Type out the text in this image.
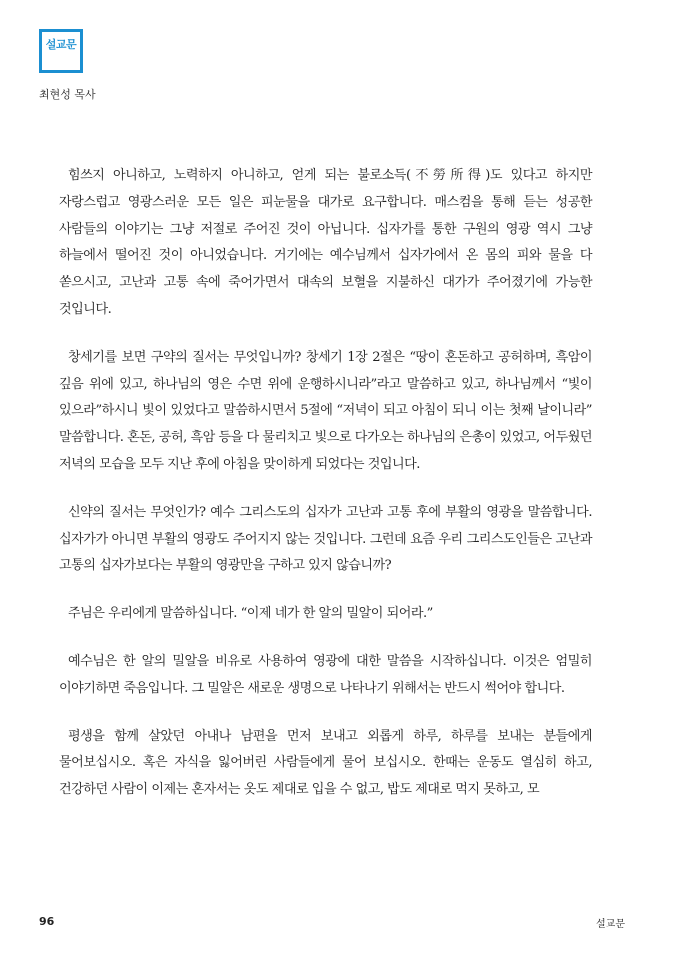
설교문
최현성 목사

힘쓰지 아니하고, 노력하지 아니하고, 얻게 되는 불로소득(不勞所得)도 있다고 하지만 자랑스럽고 영광스러운 모든 일은 피눈물을 대가로 요구합니다. 매스컴을 통해 듣는 성공한 사람들의 이야기는 그냥 저절로 주어진 것이 아닙니다. 십자가를 통한 구원의 영광 역시 그냥 하늘에서 떨어진 것이 아니었습니다. 거기에는 예수님께서 십자가에서 온 몸의 피와 물을 다 쏟으시고, 고난과 고통 속에 죽어가면서 대속의 보혈을 지불하신 대가가 주어졌기에 가능한 것입니다.

창세기를 보면 구약의 질서는 무엇입니까? 창세기 1장 2절은 “땅이 혼돈하고 공허하며, 흑암이 깊음 위에 있고, 하나님의 영은 수면 위에 운행하시니라”라고 말씀하고 있고, 하나님께서 “빛이 있으라”하시니 빛이 있었다고 말씀하시면서 5절에 “저녁이 되고 아침이 되니 이는 첫째 날이니라” 말씀합니다. 혼돈, 공허, 흑암 등을 다 물리치고 빛으로 다가오는 하나님의 은총이 있었고, 어두웠던 저녁의 모습을 모두 지난 후에 아침을 맞이하게 되었다는 것입니다.

신약의 질서는 무엇인가? 예수 그리스도의 십자가 고난과 고통 후에 부활의 영광을 말씀합니다. 십자가가 아니면 부활의 영광도 주어지지 않는 것입니다. 그런데 요즘 우리 그리스도인들은 고난과 고통의 십자가보다는 부활의 영광만을 구하고 있지 않습니까?

주님은 우리에게 말씀하십니다. “이제 네가 한 알의 밀알이 되어라.”

예수님은 한 알의 밀알을 비유로 사용하여 영광에 대한 말씀을 시작하십니다. 이것은 엄밀히 이야기하면 죽음입니다. 그 밀알은 새로운 생명으로 나타나기 위해서는 반드시 썩어야 합니다.

평생을 함께 살았던 아내나 남편을 먼저 보내고 외롭게 하루, 하루를 보내는 분들에게 물어보십시오. 혹은 자식을 잃어버린 사람들에게 물어 보십시오. 한때는 운동도 열심히 하고, 건강하던 사람이 이제는 혼자서는 옷도 제대로 입을 수 없고, 밥도 제대로 먹지 못하고, 모

96	설교문
